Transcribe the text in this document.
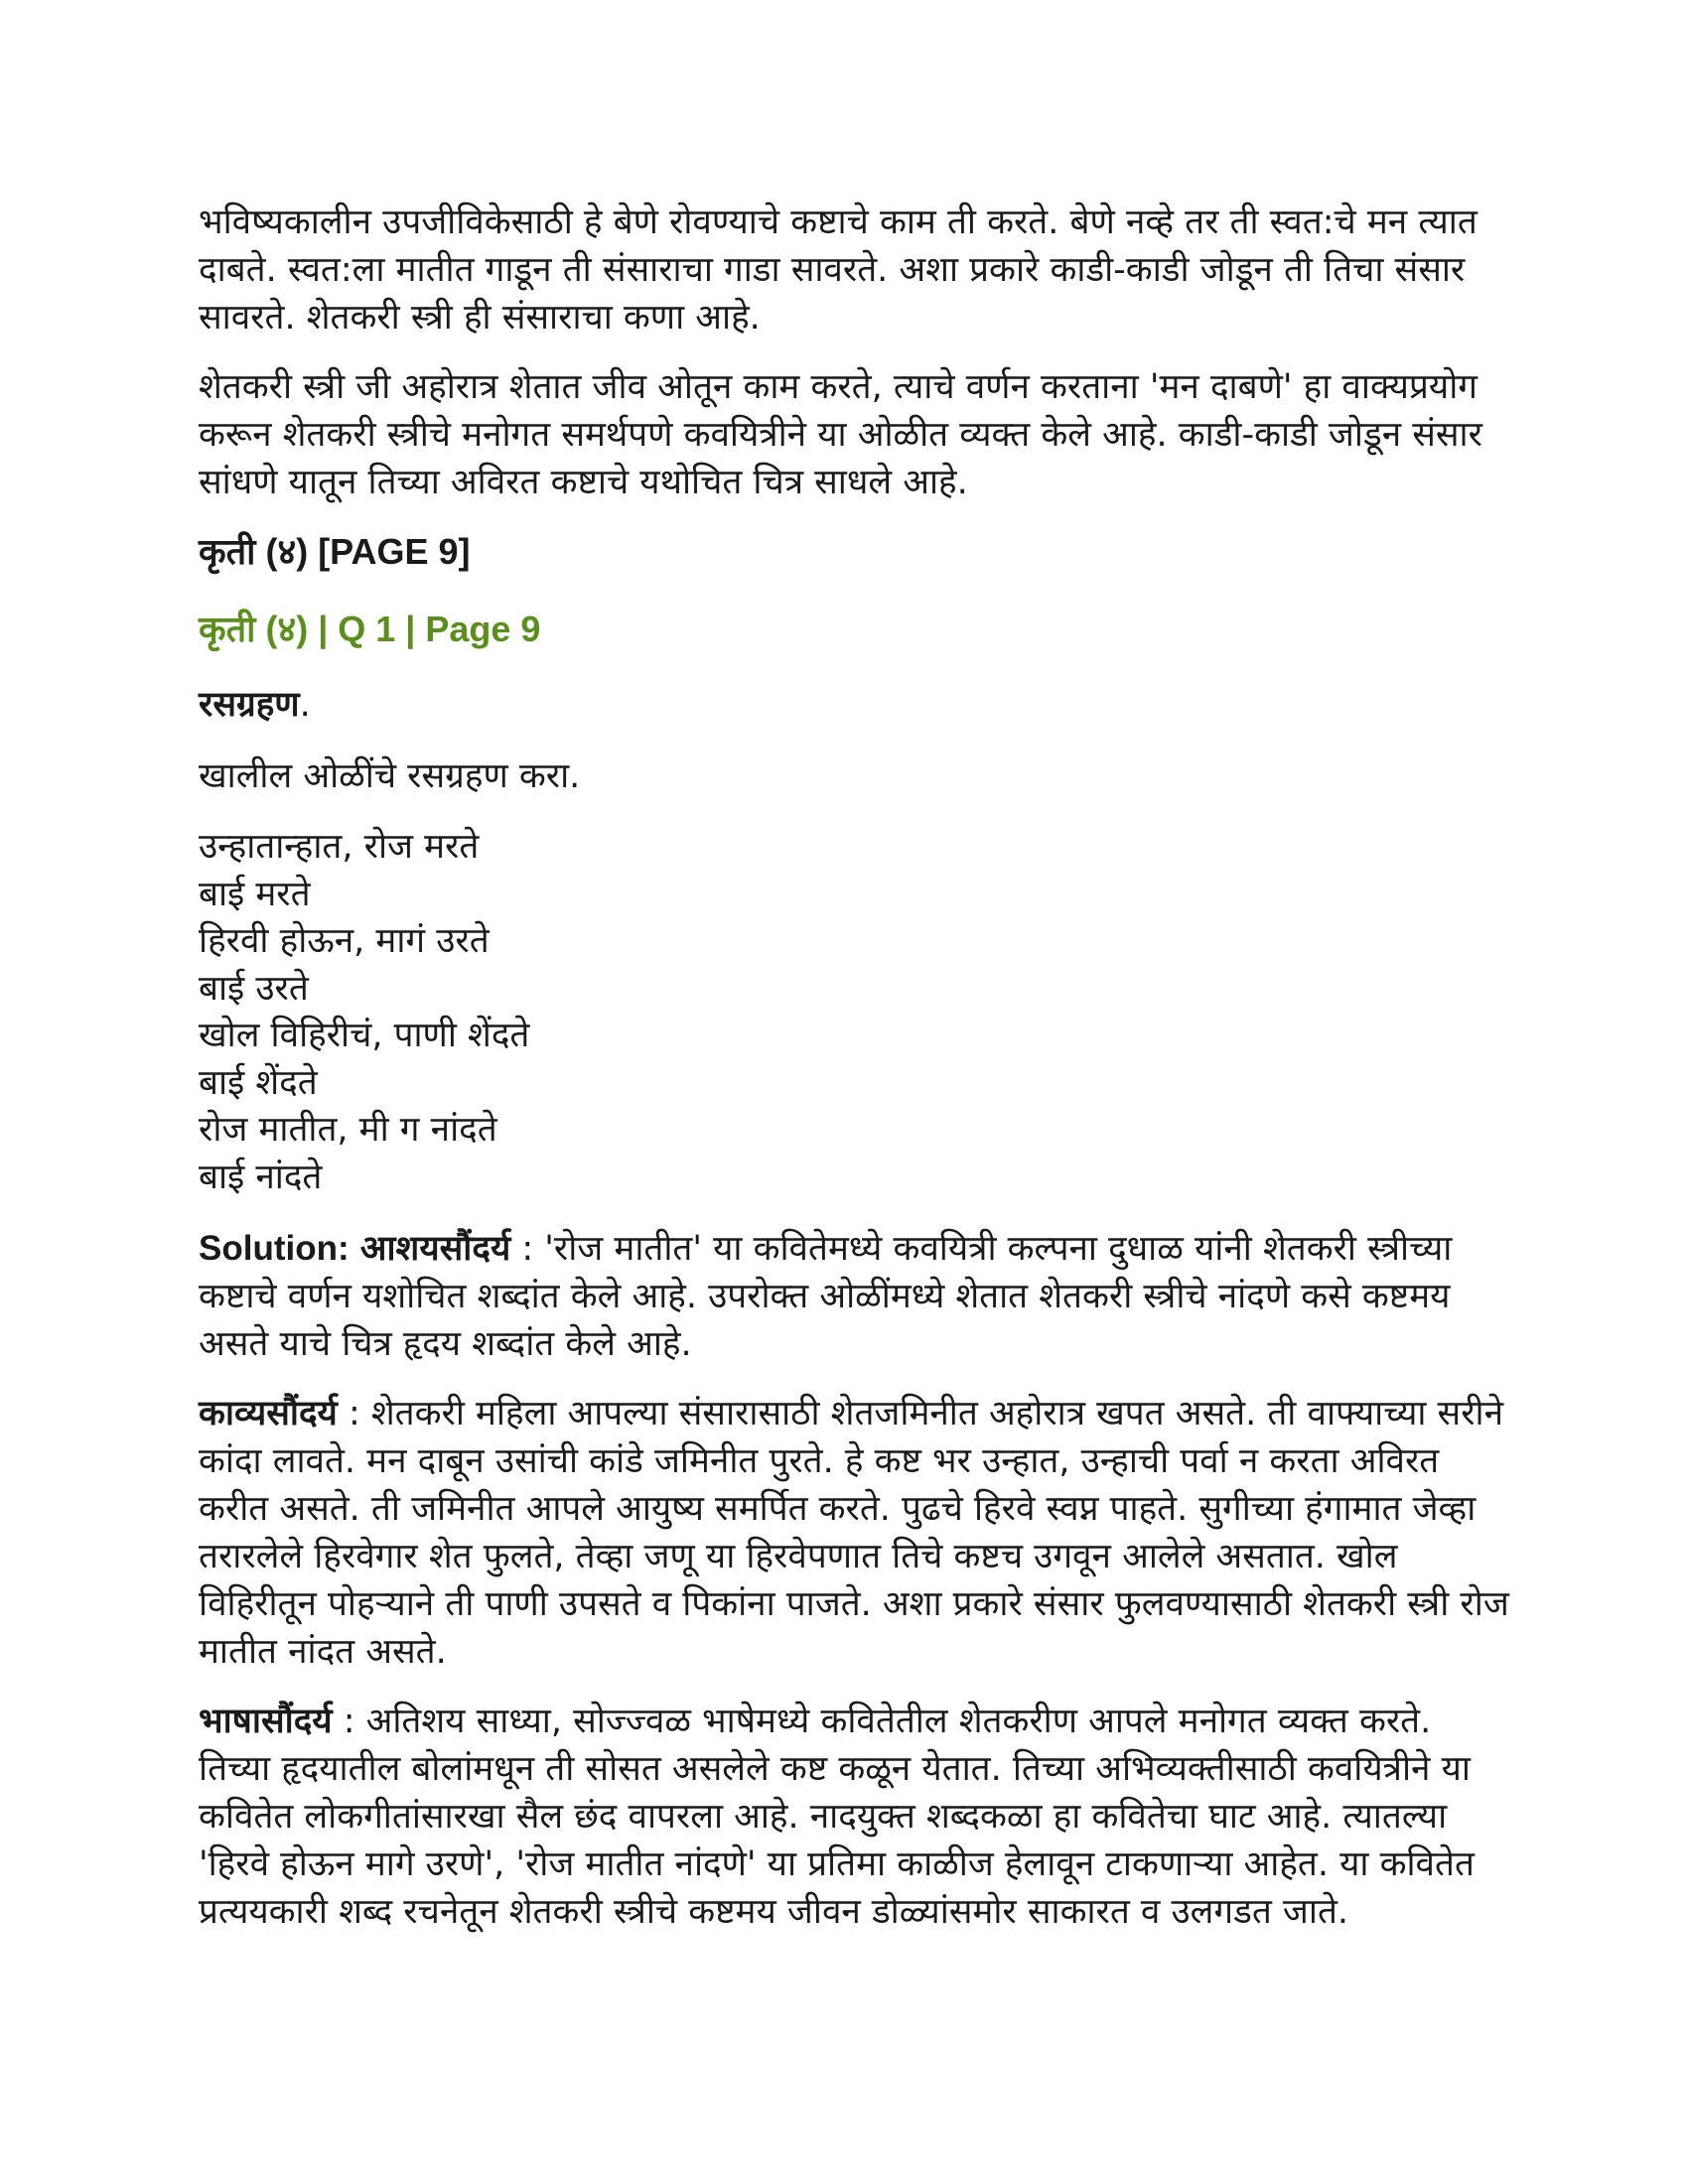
भविष्यकालीन उपजीविकेसाठी हे बेणे रोवण्याचे कष्टाचे काम ती करते. बेणे नव्हे तर ती स्वत:चे मन त्यात दाबते. स्वत:ला मातीत गाडून ती संसाराचा गाडा सावरते. अशा प्रकारे काडी-काडी जोडून ती तिचा संसार सावरते. शेतकरी स्त्री ही संसाराचा कणा आहे.

शेतकरी स्त्री जी अहोरात्र शेतात जीव ओतून काम करते, त्याचे वर्णन करताना 'मन दाबणे' हा वाक्यप्रयोग करून शेतकरी स्त्रीचे मनोगत समर्थपणे कवयित्रीने या ओळीत व्यक्त केले आहे. काडी-काडी जोडून संसार सांधणे यातून तिच्या अविरत कष्टाचे यथोचित चित्र साधले आहे.

कृती (४) [PAGE 9]

कृती (४) | Q 1 | Page 9

रसग्रहण.

खालील ओळींचे रसग्रहण करा.

उन्हातान्हात, रोज मरते

बाई मरते

हिरवी होऊन, मागं उरते

बाई उरते

खोल विहिरीचं, पाणी शेंदते

बाई शेंदते

रोज मातीत, मी ग नांदते

बाई नांदते

Solution: आशयसौंदर्य : 'रोज मातीत' या कवितेमध्ये कवयित्री कल्पना दुधाळ यांनी शेतकरी स्त्रीच्या कष्टाचे वर्णन यशोचित शब्दांत केले आहे. उपरोक्त ओळींमध्ये शेतात शेतकरी स्त्रीचे नांदणे कसे कष्टमय असते याचे चित्र हृदय शब्दांत केले आहे.

काव्यसौंदर्य : शेतकरी महिला आपल्या संसारासाठी शेतजमिनीत अहोरात्र खपत असते. ती वाफ्याच्या सरीने कांदा लावते. मन दाबून उसांची कांडे जमिनीत पुरते. हे कष्ट भर उन्हात, उन्हाची पर्वा न करता अविरत करीत असते. ती जमिनीत आपले आयुष्य समर्पित करते. पुढचे हिरवे स्वप्न पाहते. सुगीच्या हंगामात जेव्हा तरारलेले हिरवेगार शेत फुलते, तेव्हा जणू या हिरवेपणात तिचे कष्टच उगवून आलेले असतात. खोल विहिरीतून पोहऱ्याने ती पाणी उपसते व पिकांना पाजते. अशा प्रकारे संसार फुलवण्यासाठी शेतकरी स्त्री रोज मातीत नांदत असते.

भाषासौंदर्य : अतिशय साध्या, सोज्ज्वळ भाषेमध्ये कवितेतील शेतकरीण आपले मनोगत व्यक्त करते. तिच्या हृदयातील बोलांमधून ती सोसत असलेले कष्ट कळून येतात. तिच्या अभिव्यक्तीसाठी कवयित्रीने या कवितेत लोकगीतांसारखा सैल छंद वापरला आहे. नादयुक्त शब्दकळा हा कवितेचा घाट आहे. त्यातल्या 'हिरवे होऊन मागे उरणे', 'रोज मातीत नांदणे' या प्रतिमा काळीज हेलावून टाकणाऱ्या आहेत. या कवितेत प्रत्ययकारी शब्द रचनेतून शेतकरी स्त्रीचे कष्टमय जीवन डोळ्यांसमोर साकारत व उलगडत जाते.
